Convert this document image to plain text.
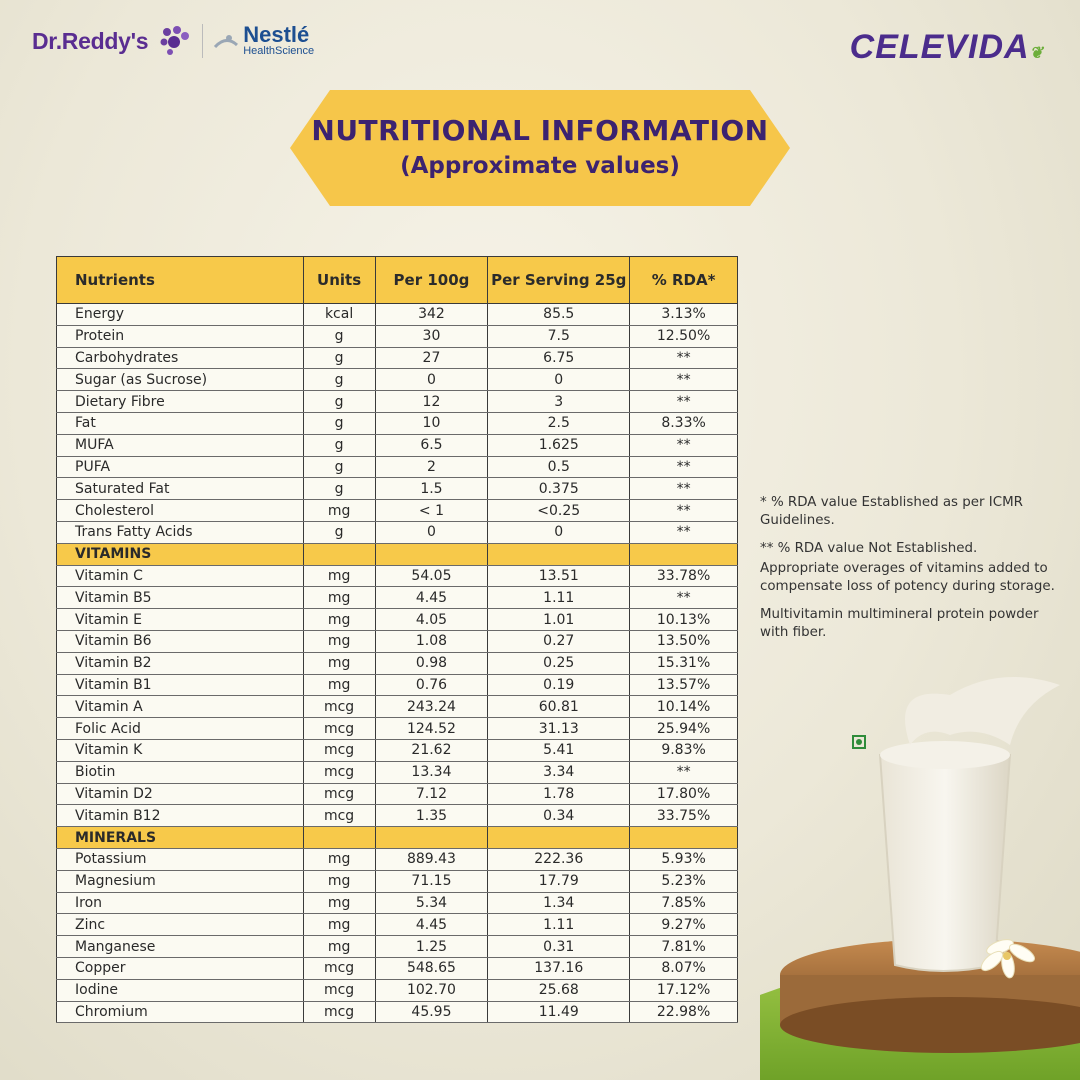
Dr.Reddy's	Nestlé
HealthScience	CELEVIDA❦
NUTRITIONAL INFORMATION
(Approximate values)
Nutrients	Units	Per 100g	Per Serving 25g	% RDA*
Energy	kcal	342	85.5	3.13%
Protein	g	30	7.5	12.50%
Carbohydrates	g	27	6.75	**
Sugar (as Sucrose)	g	0	0	**
Dietary Fibre	g	12	3	**
Fat	g	10	2.5	8.33%
MUFA	g	6.5	1.625	**
PUFA	g	2	0.5	**
Saturated Fat	g	1.5	0.375	**
Cholesterol	mg	< 1	<0.25	**
Trans Fatty Acids	g	0	0	**
VITAMINS				
Vitamin C	mg	54.05	13.51	33.78%
Vitamin B5	mg	4.45	1.11	**
Vitamin E	mg	4.05	1.01	10.13%
Vitamin B6	mg	1.08	0.27	13.50%
Vitamin B2	mg	0.98	0.25	15.31%
Vitamin B1	mg	0.76	0.19	13.57%
Vitamin A	mcg	243.24	60.81	10.14%
Folic Acid	mcg	124.52	31.13	25.94%
Vitamin K	mcg	21.62	5.41	9.83%
Biotin	mcg	13.34	3.34	**
Vitamin D2	mcg	7.12	1.78	17.80%
Vitamin B12	mcg	1.35	0.34	33.75%
MINERALS				
Potassium	mg	889.43	222.36	5.93%
Magnesium	mg	71.15	17.79	5.23%
Iron	mg	5.34	1.34	7.85%
Zinc	mg	4.45	1.11	9.27%
Manganese	mg	1.25	0.31	7.81%
Copper	mcg	548.65	137.16	8.07%
Iodine	mcg	102.70	25.68	17.12%
Chromium	mcg	45.95	11.49	22.98%

* % RDA value Established as per ICMR Guidelines.

** % RDA value Not Established.

Appropriate overages of vitamins added to compensate loss of potency during storage.

Multivitamin multimineral protein powder with fiber.
